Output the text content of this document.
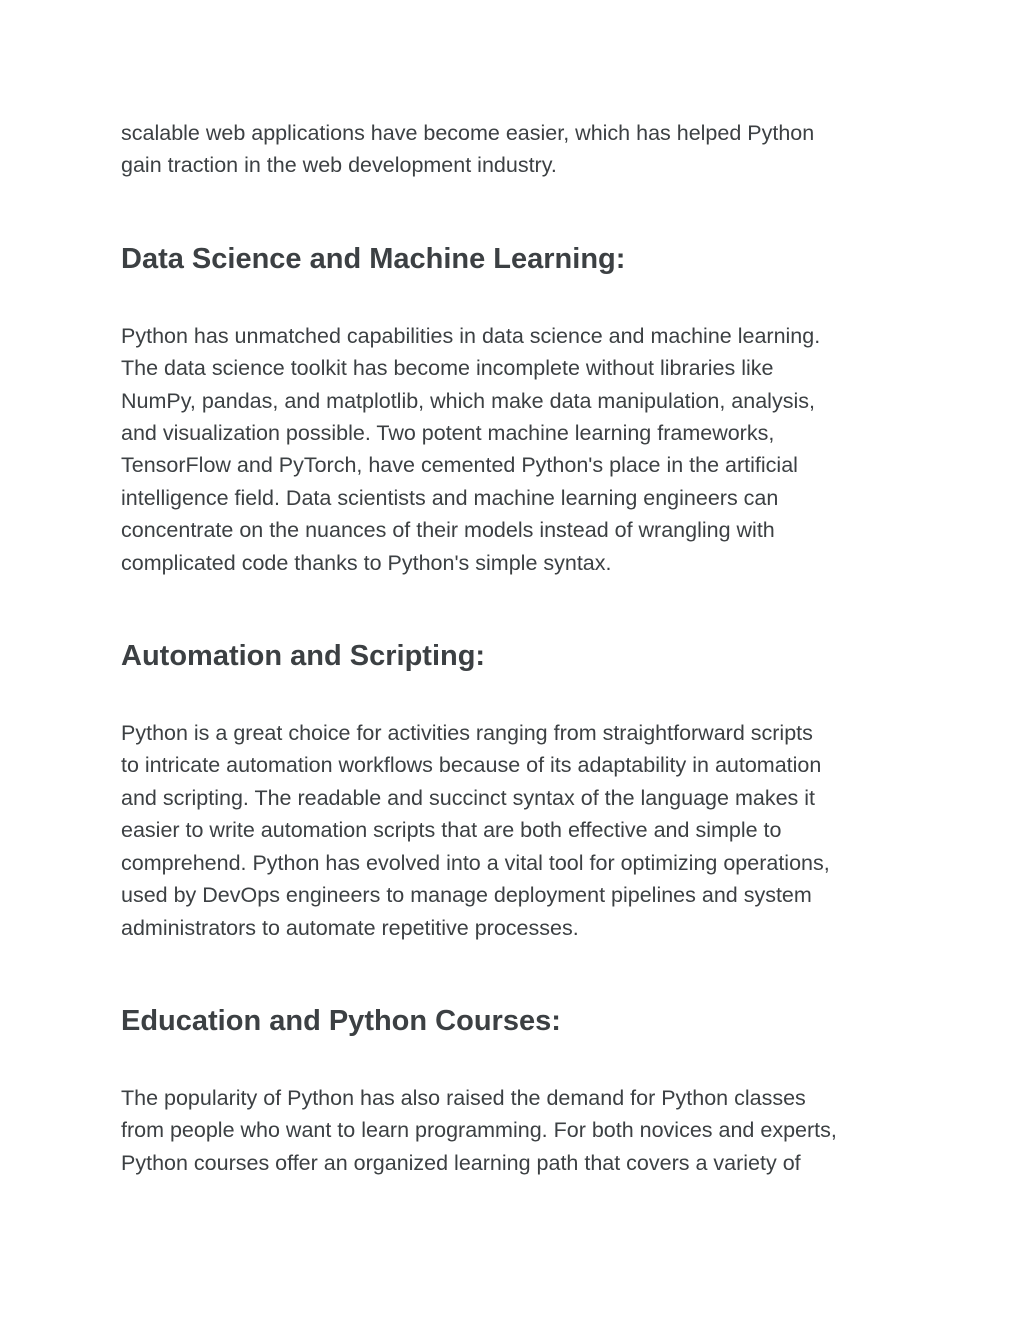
scalable web applications have become easier, which has helped Python
gain traction in the web development industry.
Data Science and Machine Learning:
Python has unmatched capabilities in data science and machine learning.
The data science toolkit has become incomplete without libraries like
NumPy, pandas, and matplotlib, which make data manipulation, analysis,
and visualization possible. Two potent machine learning frameworks,
TensorFlow and PyTorch, have cemented Python's place in the artificial
intelligence field. Data scientists and machine learning engineers can
concentrate on the nuances of their models instead of wrangling with
complicated code thanks to Python's simple syntax.
Automation and Scripting:
Python is a great choice for activities ranging from straightforward scripts
to intricate automation workflows because of its adaptability in automation
and scripting. The readable and succinct syntax of the language makes it
easier to write automation scripts that are both effective and simple to
comprehend. Python has evolved into a vital tool for optimizing operations,
used by DevOps engineers to manage deployment pipelines and system
administrators to automate repetitive processes.
Education and Python Courses:
The popularity of Python has also raised the demand for Python classes
from people who want to learn programming. For both novices and experts,
Python courses offer an organized learning path that covers a variety of
